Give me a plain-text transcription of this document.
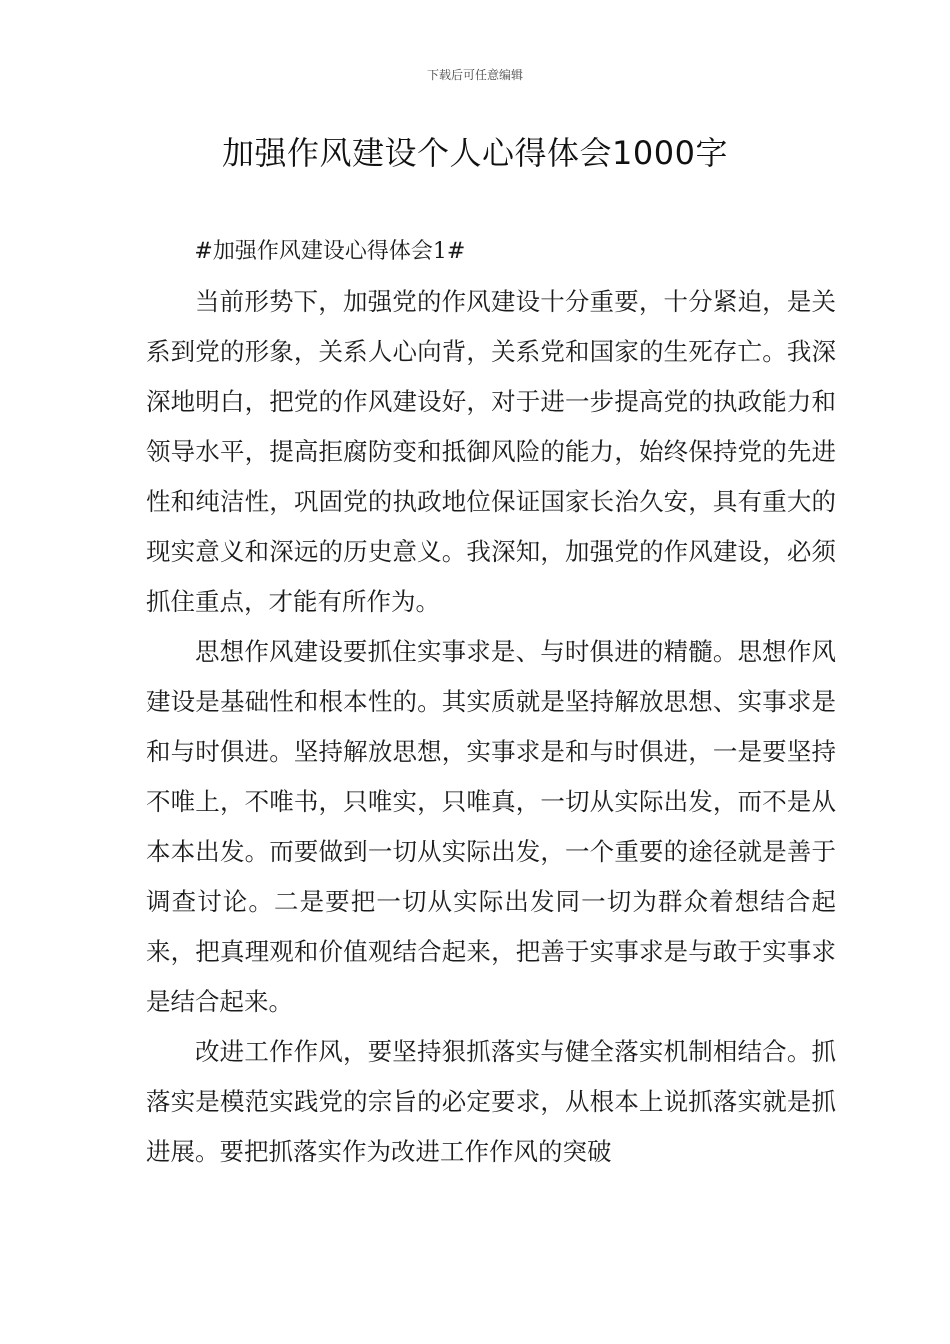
下载后可任意编辑
加强作风建设个人心得体会1000字

#加强作风建设心得体会1#

当前形势下，加强党的作风建设十分重要，十分紧迫，是关系到党的形象，关系人心向背，关系党和国家的生死存亡。我深深地明白，把党的作风建设好，对于进一步提高党的执政能力和领导水平，提高拒腐防变和抵御风险的能力，始终保持党的先进性和纯洁性，巩固党的执政地位保证国家长治久安，具有重大的现实意义和深远的历史意义。我深知，加强党的作风建设，必须抓住重点，才能有所作为。

思想作风建设要抓住实事求是、与时俱进的精髓。思想作风建设是基础性和根本性的。其实质就是坚持解放思想、实事求是和与时俱进。坚持解放思想，实事求是和与时俱进，一是要坚持不唯上，不唯书，只唯实，只唯真，一切从实际出发，而不是从本本出发。而要做到一切从实际出发，一个重要的途径就是善于调查讨论。二是要把一切从实际出发同一切为群众着想结合起来，把真理观和价值观结合起来，把善于实事求是与敢于实事求是结合起来。

改进工作作风，要坚持狠抓落实与健全落实机制相结合。抓落实是模范实践党的宗旨的必定要求，从根本上说抓落实就是抓进展。要把抓落实作为改进工作作风的突破
